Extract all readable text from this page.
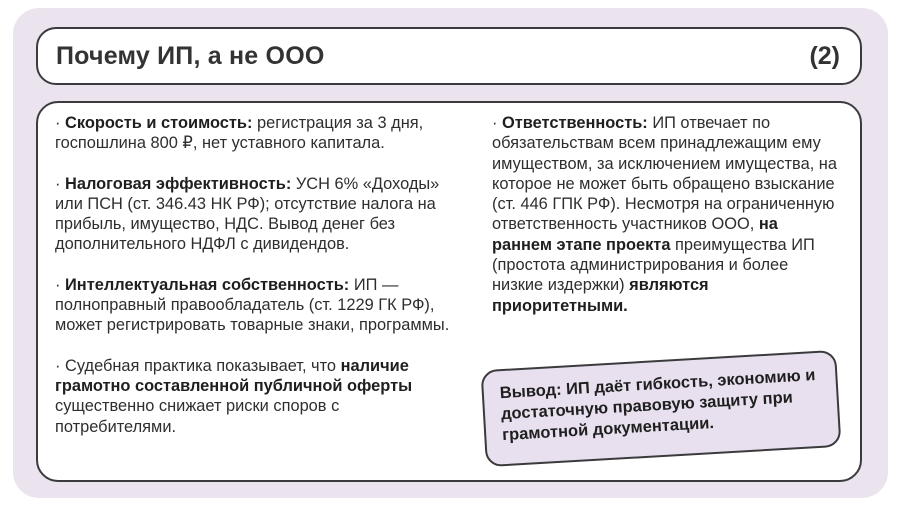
Почему ИП, а не ООО	(2)

· Скорость и стоимость: регистрация за 3 дня, госпошлина 800 ₽, нет уставного капитала.

· Налоговая эффективность: УСН 6% «Доходы» или ПСН (ст. 346.43 НК РФ); отсутствие налога на прибыль, имущество, НДС. Вывод денег без дополнительного НДФЛ с дивидендов.

· Интеллектуальная собственность: ИП — полноправный правообладатель (ст. 1229 ГК РФ), может регистрировать товарные знаки, программы.

· Судебная практика показывает, что наличие грамотно составленной публичной оферты существенно снижает риски споров с потребителями.

· Ответственность: ИП отвечает по обязательствам всем принадлежащим ему имуществом, за исключением имущества, на которое не может быть обращено взыскание (ст. 446 ГПК РФ). Несмотря на ограниченную ответственность участников ООО, на раннем этапе проекта преимущества ИП (простота администрирования и более низкие издержки) являются приоритетными.

Вывод: ИП даёт гибкость, экономию и достаточную правовую защиту при грамотной документации.
